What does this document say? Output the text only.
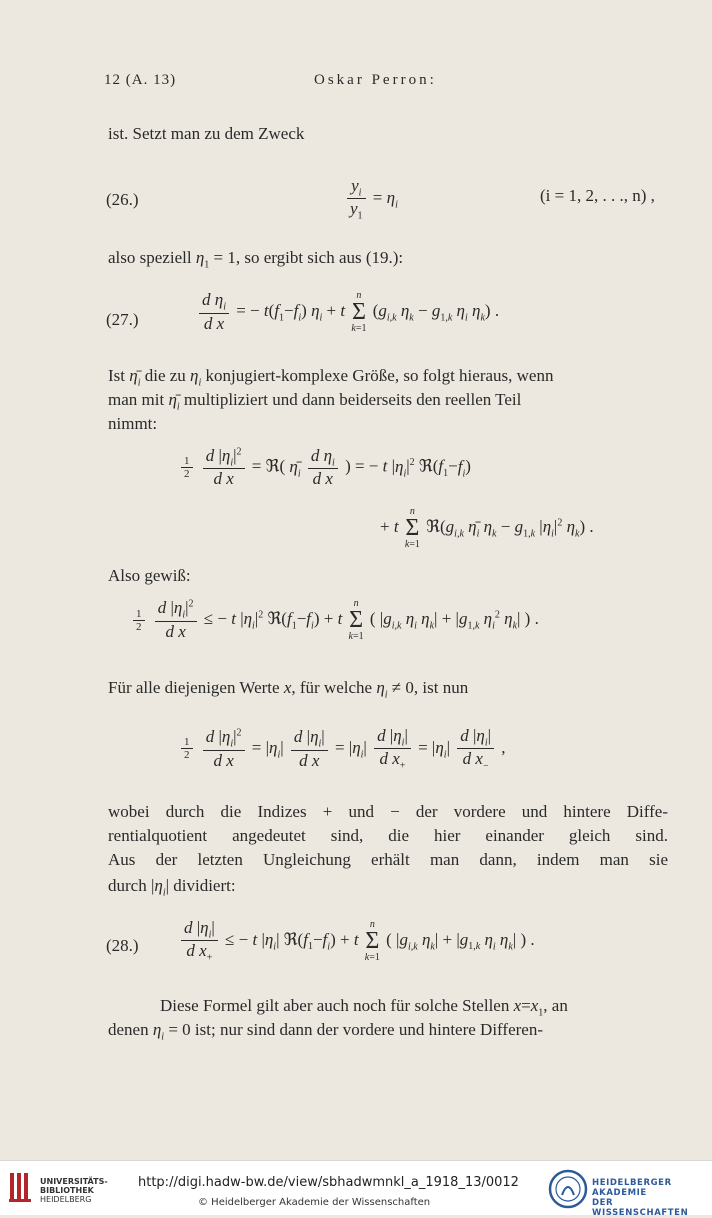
12 (A. 13)	Oskar Perron:
ist. Setzt man zu dem Zweck
(26.)	$\frac{y_i}{y_1} = \eta_i$	(i = 1, 2, . . ., n) ,
also speziell $\eta_1 = 1$, so ergibt sich aus (19.):
(27.)	$\frac{d \eta_i}{\text{d x}}$ = − $t(f_1-f_i) \eta_i + t$ n
Σ
k=1 ($g_{i,k}$ $\eta_k - g_{1,k}$ $\eta_i$ $\eta_k$) .
Ist $\etā_i$ die zu $\eta_i$ konjugiert-komplexe Größe, so folgt hieraus, wenn
man mit $\etā_i$ multipliziert und dann beiderseits den reellen Teil
nimmt:
$\frac{1}{2}$
$\frac{d |\eta_i|^2}{\text{d x}}$ = ℜ( $\etā_i \frac{d \eta_i}{\text{d x}}$ ) = − t $|\eta_i|^2$ $ℜ(f_1-f_i)$
+ t n
Σ
k=1 $ℜ(g_{i,k}$ $\etā_i$ $\eta_k - g_{1,k}$ $|\eta_i|^2$ $\eta_k$) .
Also gewiß:
$\frac{1}{2}$
$\frac{d |\eta_i|^2}{\text{d x}}$ ≤ − t $|\eta_i|^2$ $ℜ(f_1-f_i) + t$ n
Σ
k=1 ( $|g_{i,k}$ $\eta_i$ $\eta_k| + |g_{1,k}$ $\eta_i^2$ $\eta_k|$ ) .
Für alle diejenigen Werte x, für welche $\eta_i \ne 0$, ist nun
$\frac{1}{2}$
$\frac{d |\eta_i|^2}{\text{d x}} = |\eta_i| \frac{d |\eta_i|}{\text{d x}} = |\eta_i| \frac{d |\eta_i|}{d x_+} = |\eta_i| \frac{d |\eta_i|}{d x_-}$ ,
wobei durch die Indizes + und − der vordere und hintere Diffe-
rentialquotient angedeutet sind, die hier einander gleich sind.
Aus der letzten Ungleichung erhält man dann, indem man sie
durch $|\eta_i|$ dividiert:
$(28.) \frac{d |\eta_i|}{d x_+}$ ≤ − t $|\eta_i|$ $ℜ(f_1-f_i) + t$ n
Σ
k=1 ( $|g_{i,k}$ $\eta_k| + |g_{1,k}$ $\eta_i$ $\eta_k|$ ) .
Diese Formel gilt aber auch noch für solche Stellen $x=x_1$, an
denen $\eta_i = 0$ ist; nur sind dann der vordere und hintere Differen-
UNIVERSITÄTS-
BIBLIOTHEK
HEIDELBERG
http://digi.hadw-bw.de/view/sbhadwmnkl_a_1918_13/0012
© Heidelberger Akademie der Wissenschaften
HEIDELBERGER AKADEMIE
DER WISSENSCHAFTEN
